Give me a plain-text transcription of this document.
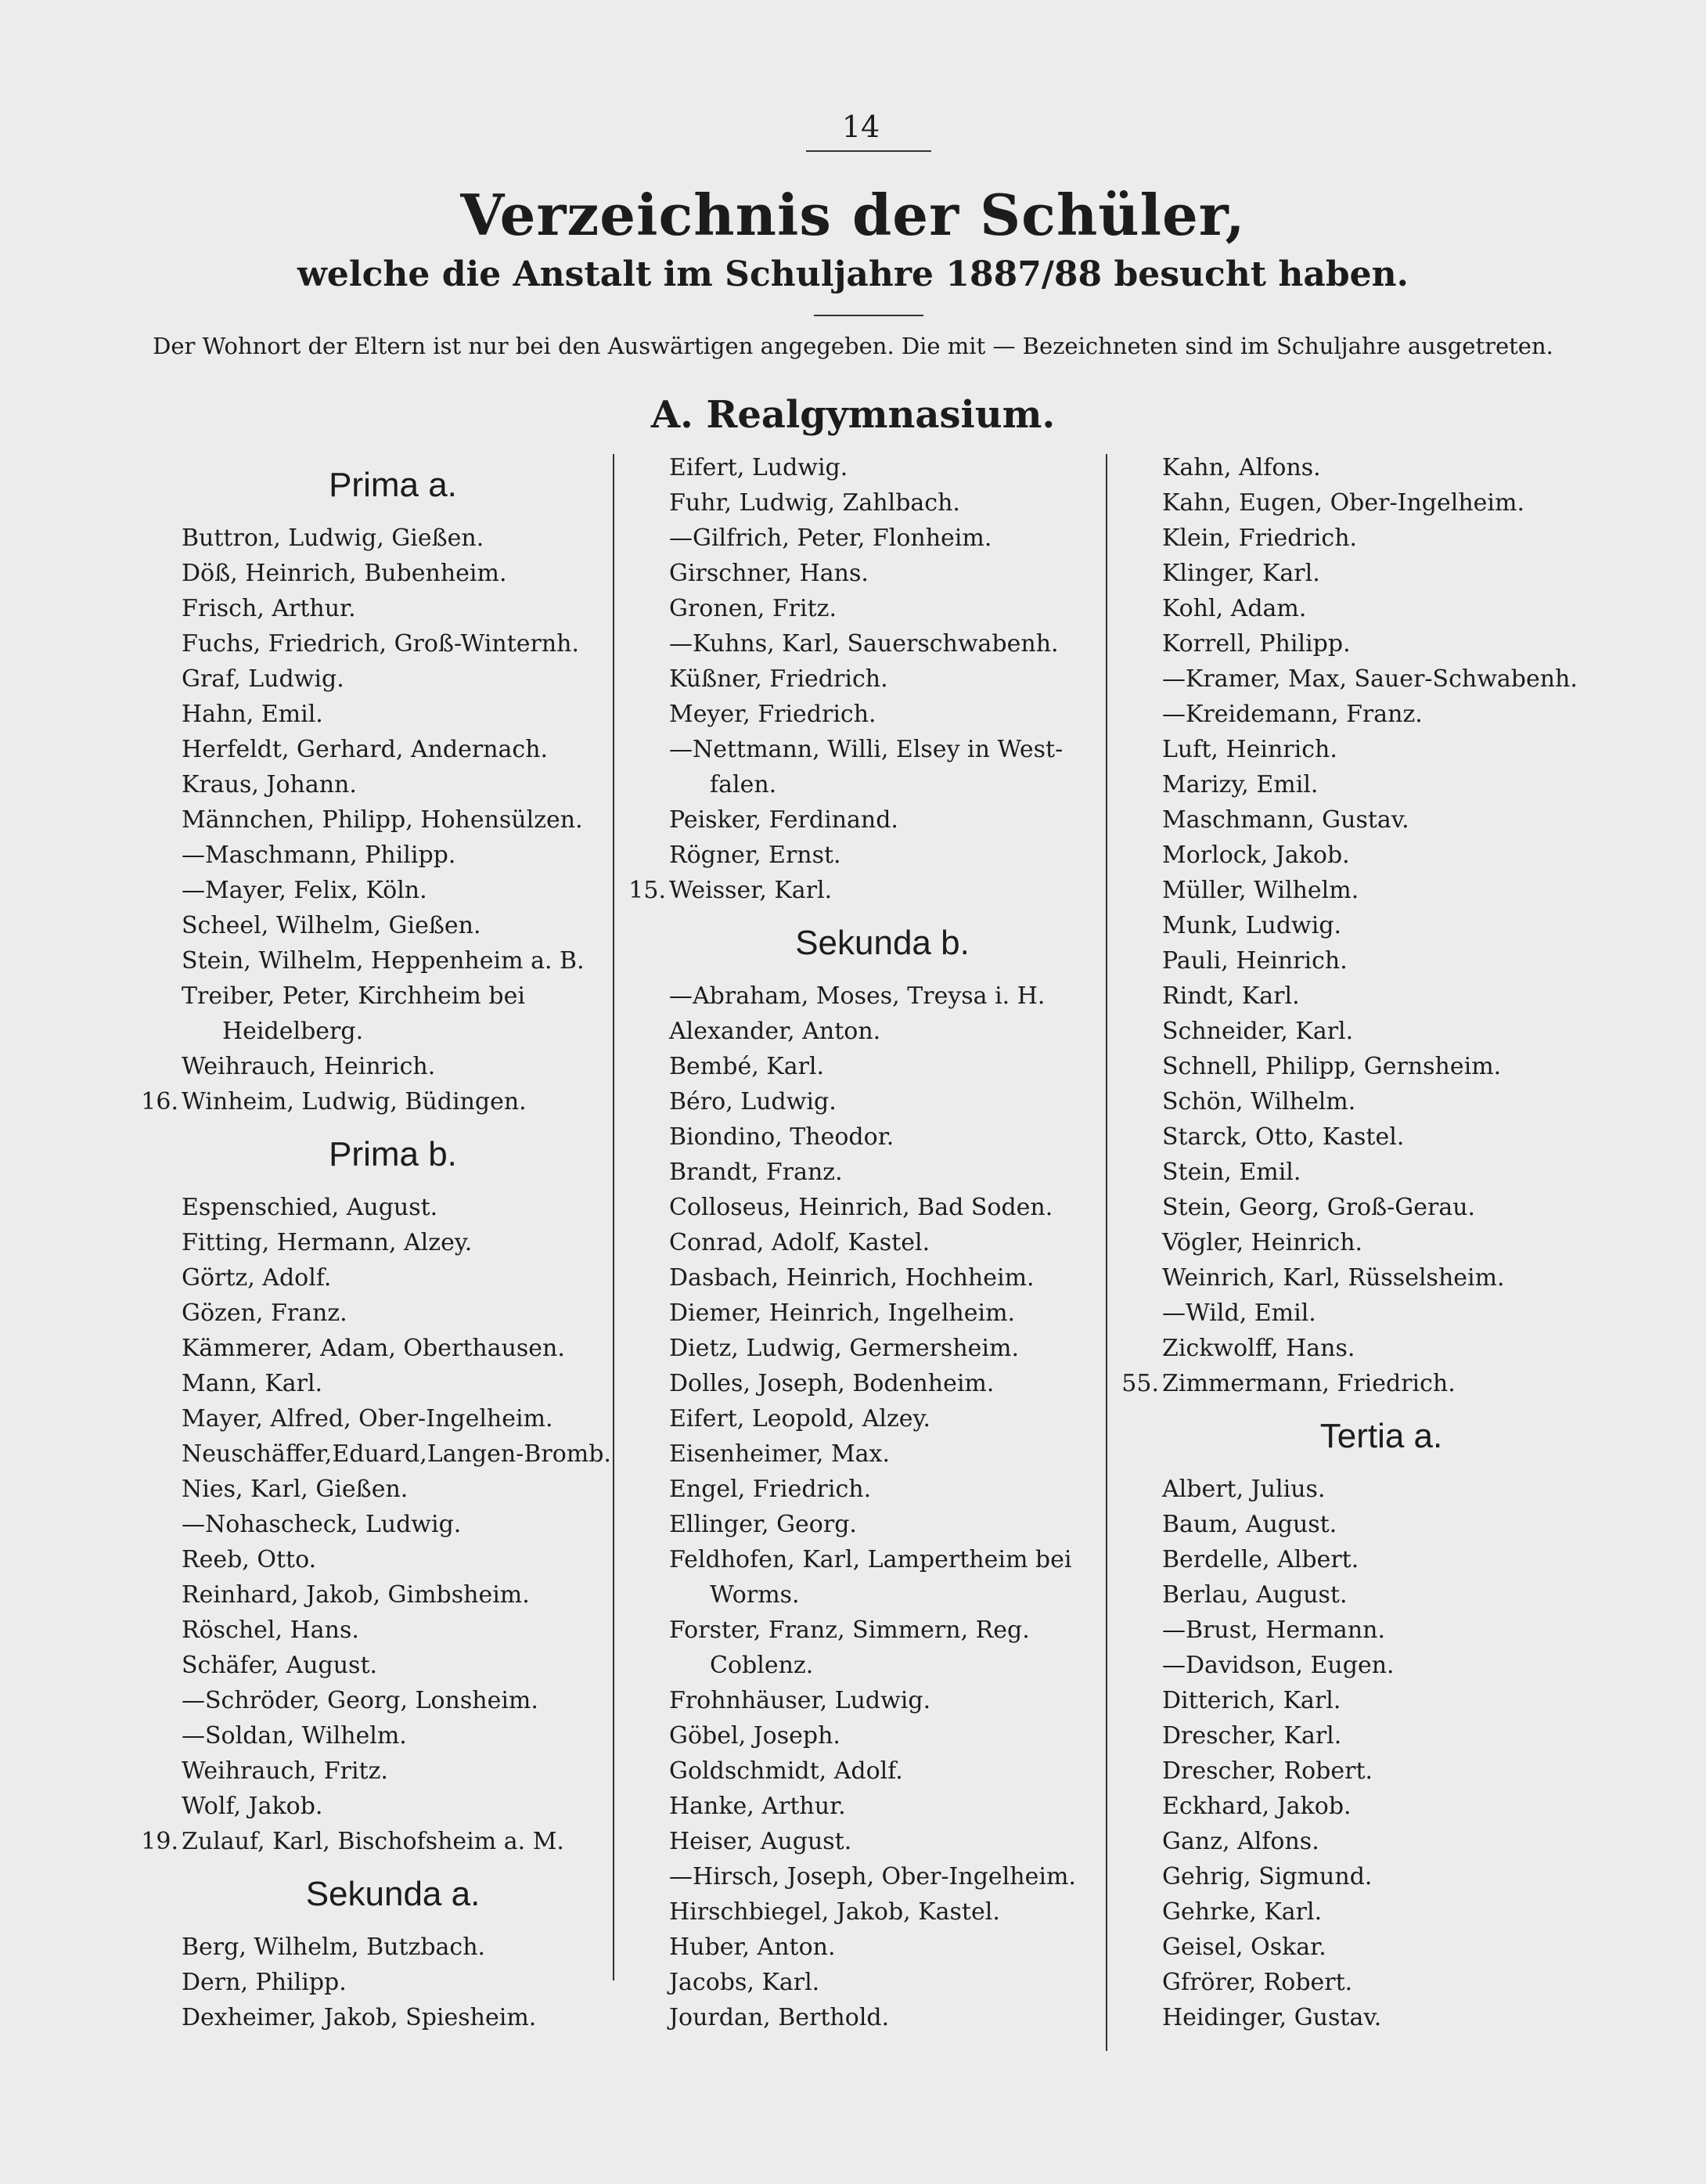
14
Verzeichnis der Schüler,
welche die Anstalt im Schuljahre 1887/88 besucht haben.
Der Wohnort der Eltern ist nur bei den Auswärtigen angegeben. Die mit — Bezeichneten sind im Schuljahre ausgetreten.
A. Realgymnasium.
Prima a.
Buttron, Ludwig, Gießen.
Döß, Heinrich, Bubenheim.
Frisch, Arthur.
Fuchs, Friedrich, Groß-Winternh.
Graf, Ludwig.
Hahn, Emil.
Herfeldt, Gerhard, Andernach.
Kraus, Johann.
Männchen, Philipp, Hohensülzen.
—Maschmann, Philipp.
—Mayer, Felix, Köln.
Scheel, Wilhelm, Gießen.
Stein, Wilhelm, Heppenheim a. B.
Treiber, Peter, Kirchheim bei
Heidelberg.
Weihrauch, Heinrich.
16. Winheim, Ludwig, Büdingen.
Prima b.
Espenschied, August.
Fitting, Hermann, Alzey.
Görtz, Adolf.
Gözen, Franz.
Kämmerer, Adam, Oberthausen.
Mann, Karl.
Mayer, Alfred, Ober-Ingelheim.
Neuschäffer,Eduard,Langen-Bromb.
Nies, Karl, Gießen.
—Nohascheck, Ludwig.
Reeb, Otto.
Reinhard, Jakob, Gimbsheim.
Röschel, Hans.
Schäfer, August.
—Schröder, Georg, Lonsheim.
—Soldan, Wilhelm.
Weihrauch, Fritz.
Wolf, Jakob.
19. Zulauf, Karl, Bischofsheim a. M.
Sekunda a.
Berg, Wilhelm, Butzbach.
Dern, Philipp.
Dexheimer, Jakob, Spiesheim.
Eifert, Ludwig.
Fuhr, Ludwig, Zahlbach.
—Gilfrich, Peter, Flonheim.
Girschner, Hans.
Gronen, Fritz.
—Kuhns, Karl, Sauerschwabenh.
Küßner, Friedrich.
Meyer, Friedrich.
—Nettmann, Willi, Elsey in West-
falen.
Peisker, Ferdinand.
Rögner, Ernst.
15. Weisser, Karl.
Sekunda b.
—Abraham, Moses, Treysa i. H.
Alexander, Anton.
Bembé, Karl.
Béro, Ludwig.
Biondino, Theodor.
Brandt, Franz.
Colloseus, Heinrich, Bad Soden.
Conrad, Adolf, Kastel.
Dasbach, Heinrich, Hochheim.
Diemer, Heinrich, Ingelheim.
Dietz, Ludwig, Germersheim.
Dolles, Joseph, Bodenheim.
Eifert, Leopold, Alzey.
Eisenheimer, Max.
Engel, Friedrich.
Ellinger, Georg.
Feldhofen, Karl, Lampertheim bei
Worms.
Forster, Franz, Simmern, Reg.
Coblenz.
Frohnhäuser, Ludwig.
Göbel, Joseph.
Goldschmidt, Adolf.
Hanke, Arthur.
Heiser, August.
—Hirsch, Joseph, Ober-Ingelheim.
Hirschbiegel, Jakob, Kastel.
Huber, Anton.
Jacobs, Karl.
Jourdan, Berthold.
Kahn, Alfons.
Kahn, Eugen, Ober-Ingelheim.
Klein, Friedrich.
Klinger, Karl.
Kohl, Adam.
Korrell, Philipp.
—Kramer, Max, Sauer-Schwabenh.
—Kreidemann, Franz.
Luft, Heinrich.
Marizy, Emil.
Maschmann, Gustav.
Morlock, Jakob.
Müller, Wilhelm.
Munk, Ludwig.
Pauli, Heinrich.
Rindt, Karl.
Schneider, Karl.
Schnell, Philipp, Gernsheim.
Schön, Wilhelm.
Starck, Otto, Kastel.
Stein, Emil.
Stein, Georg, Groß-Gerau.
Vögler, Heinrich.
Weinrich, Karl, Rüsselsheim.
—Wild, Emil.
Zickwolff, Hans.
55. Zimmermann, Friedrich.
Tertia a.
Albert, Julius.
Baum, August.
Berdelle, Albert.
Berlau, August.
—Brust, Hermann.
—Davidson, Eugen.
Ditterich, Karl.
Drescher, Karl.
Drescher, Robert.
Eckhard, Jakob.
Ganz, Alfons.
Gehrig, Sigmund.
Gehrke, Karl.
Geisel, Oskar.
Gfrörer, Robert.
Heidinger, Gustav.
